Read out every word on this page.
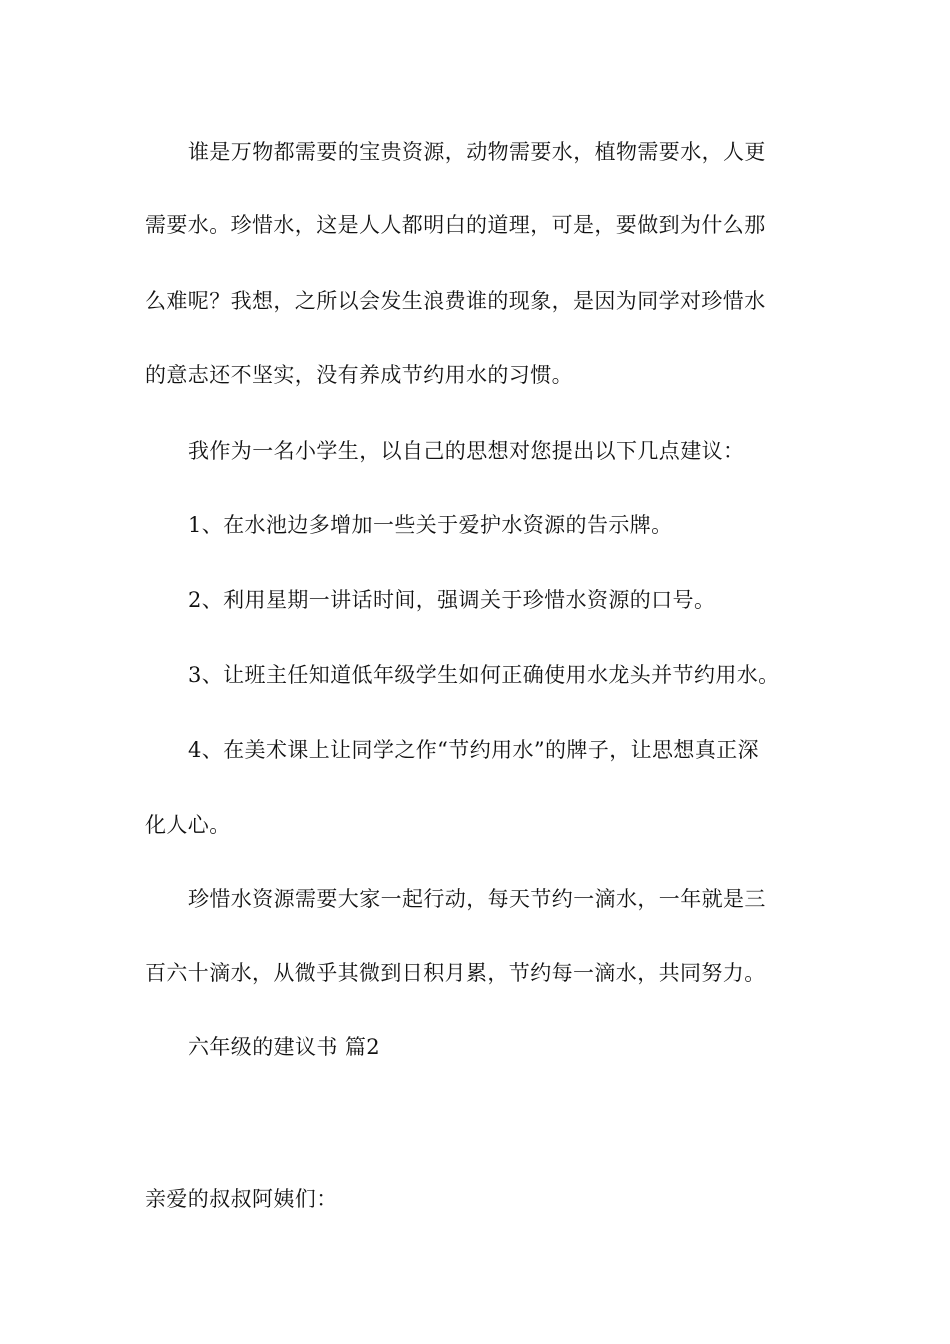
谁是万物都需要的宝贵资源，动物需要水，植物需要水，人更
需要水。珍惜水，这是人人都明白的道理，可是，要做到为什么那
么难呢？我想，之所以会发生浪费谁的现象，是因为同学对珍惜水
的意志还不坚实，没有养成节约用水的习惯。
我作为一名小学生，以自己的思想对您提出以下几点建议：
1、在水池边多增加一些关于爱护水资源的告示牌。
2、利用星期一讲话时间，强调关于珍惜水资源的口号。
3、让班主任知道低年级学生如何正确使用水龙头并节约用水。
4、在美术课上让同学之作“节约用水”的牌子，让思想真正深
化人心。
珍惜水资源需要大家一起行动，每天节约一滴水，一年就是三
百六十滴水，从微乎其微到日积月累，节约每一滴水，共同努力。
六年级的建议书 篇2
亲爱的叔叔阿姨们：
